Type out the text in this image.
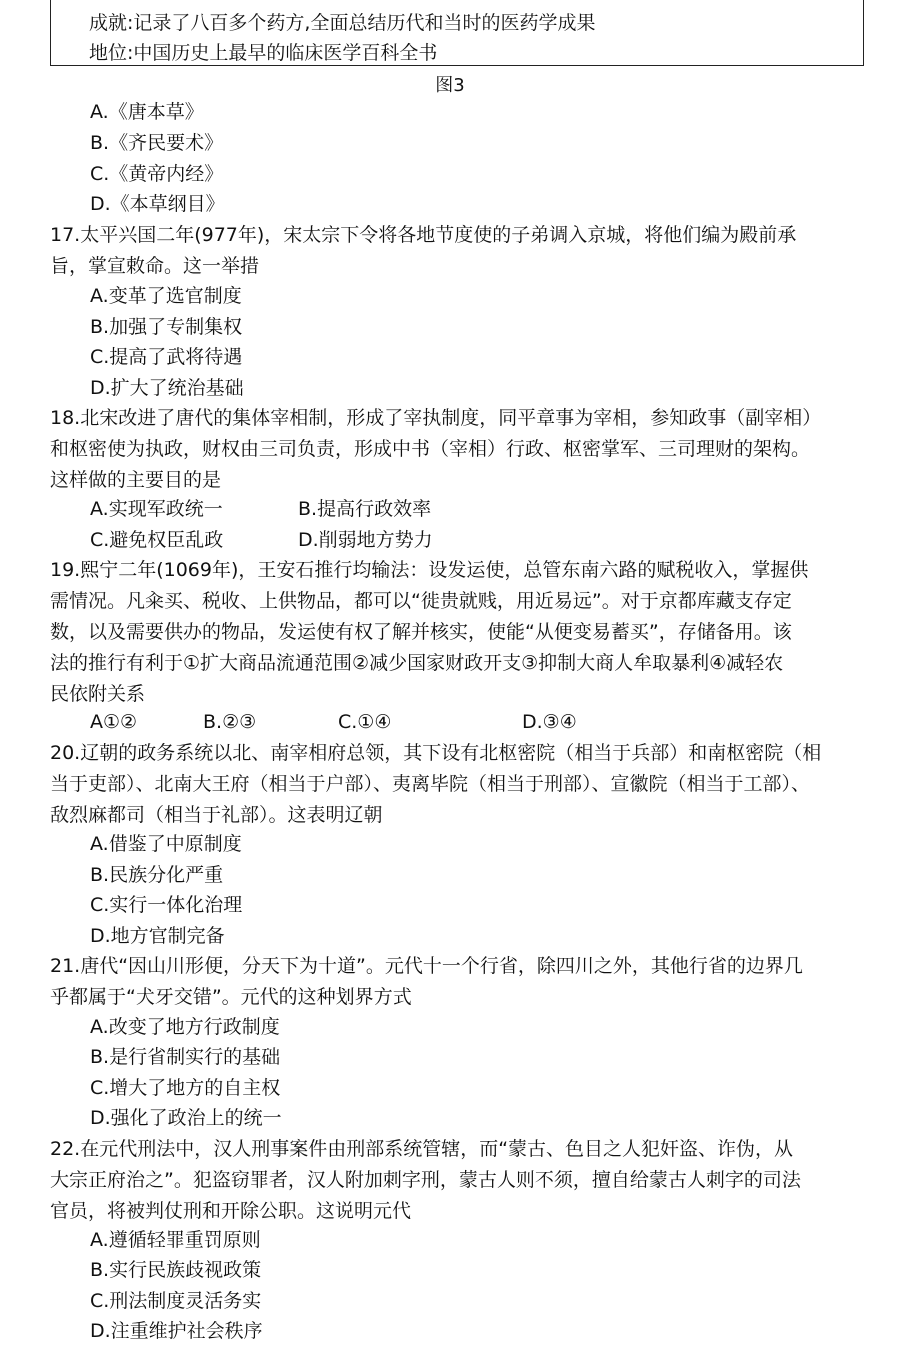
成就:记录了八百多个药方,全面总结历代和当时的医药学成果
地位:中国历史上最早的临床医学百科全书
图3
A.《唐本草》
B.《齐民要术》
C.《黄帝内经》
D.《本草纲目》
17.太平兴国二年(977年)，宋太宗下令将各地节度使的子弟调入京城，将他们编为殿前承
旨，掌宣敕命。这一举措
A.变革了选官制度
B.加强了专制集权
C.提高了武将待遇
D.扩大了统治基础
18.北宋改进了唐代的集体宰相制，形成了宰执制度，同平章事为宰相，参知政事（副宰相）
和枢密使为执政，财权由三司负责，形成中书（宰相）行政、枢密掌军、三司理财的架构。
这样做的主要目的是
A.实现军政统一	B.提高行政效率
C.避免权臣乱政	D.削弱地方势力
19.熙宁二年(1069年)，王安石推行均输法：设发运使，总管东南六路的赋税收入，掌握供
需情况。凡籴买、税收、上供物品，都可以“徙贵就贱，用近易远”。对于京都库藏支存定
数，以及需要供办的物品，发运使有权了解并核实，使能“从便变易蓄买”，存储备用。该
法的推行有利于①扩大商品流通范围②减少国家财政开支③抑制大商人牟取暴利④减轻农
民依附关系
A①②	B.②③	C.①④	D.③④
20.辽朝的政务系统以北、南宰相府总领，其下设有北枢密院（相当于兵部）和南枢密院（相
当于吏部）、北南大王府（相当于户部）、夷离毕院（相当于刑部）、宣徽院（相当于工部）、
敌烈麻都司（相当于礼部）。这表明辽朝
A.借鉴了中原制度
B.民族分化严重
C.实行一体化治理
D.地方官制完备
21.唐代“因山川形便，分天下为十道”。元代十一个行省，除四川之外，其他行省的边界几
乎都属于“犬牙交错”。元代的这种划界方式
A.改变了地方行政制度
B.是行省制实行的基础
C.增大了地方的自主权
D.强化了政治上的统一
22.在元代刑法中，汉人刑事案件由刑部系统管辖，而“蒙古、色目之人犯奸盗、诈伪，从
大宗正府治之”。犯盗窃罪者，汉人附加刺字刑，蒙古人则不须，擅自给蒙古人刺字的司法
官员，将被判仗刑和开除公职。这说明元代
A.遵循轻罪重罚原则
B.实行民族歧视政策
C.刑法制度灵活务实
D.注重维护社会秩序
